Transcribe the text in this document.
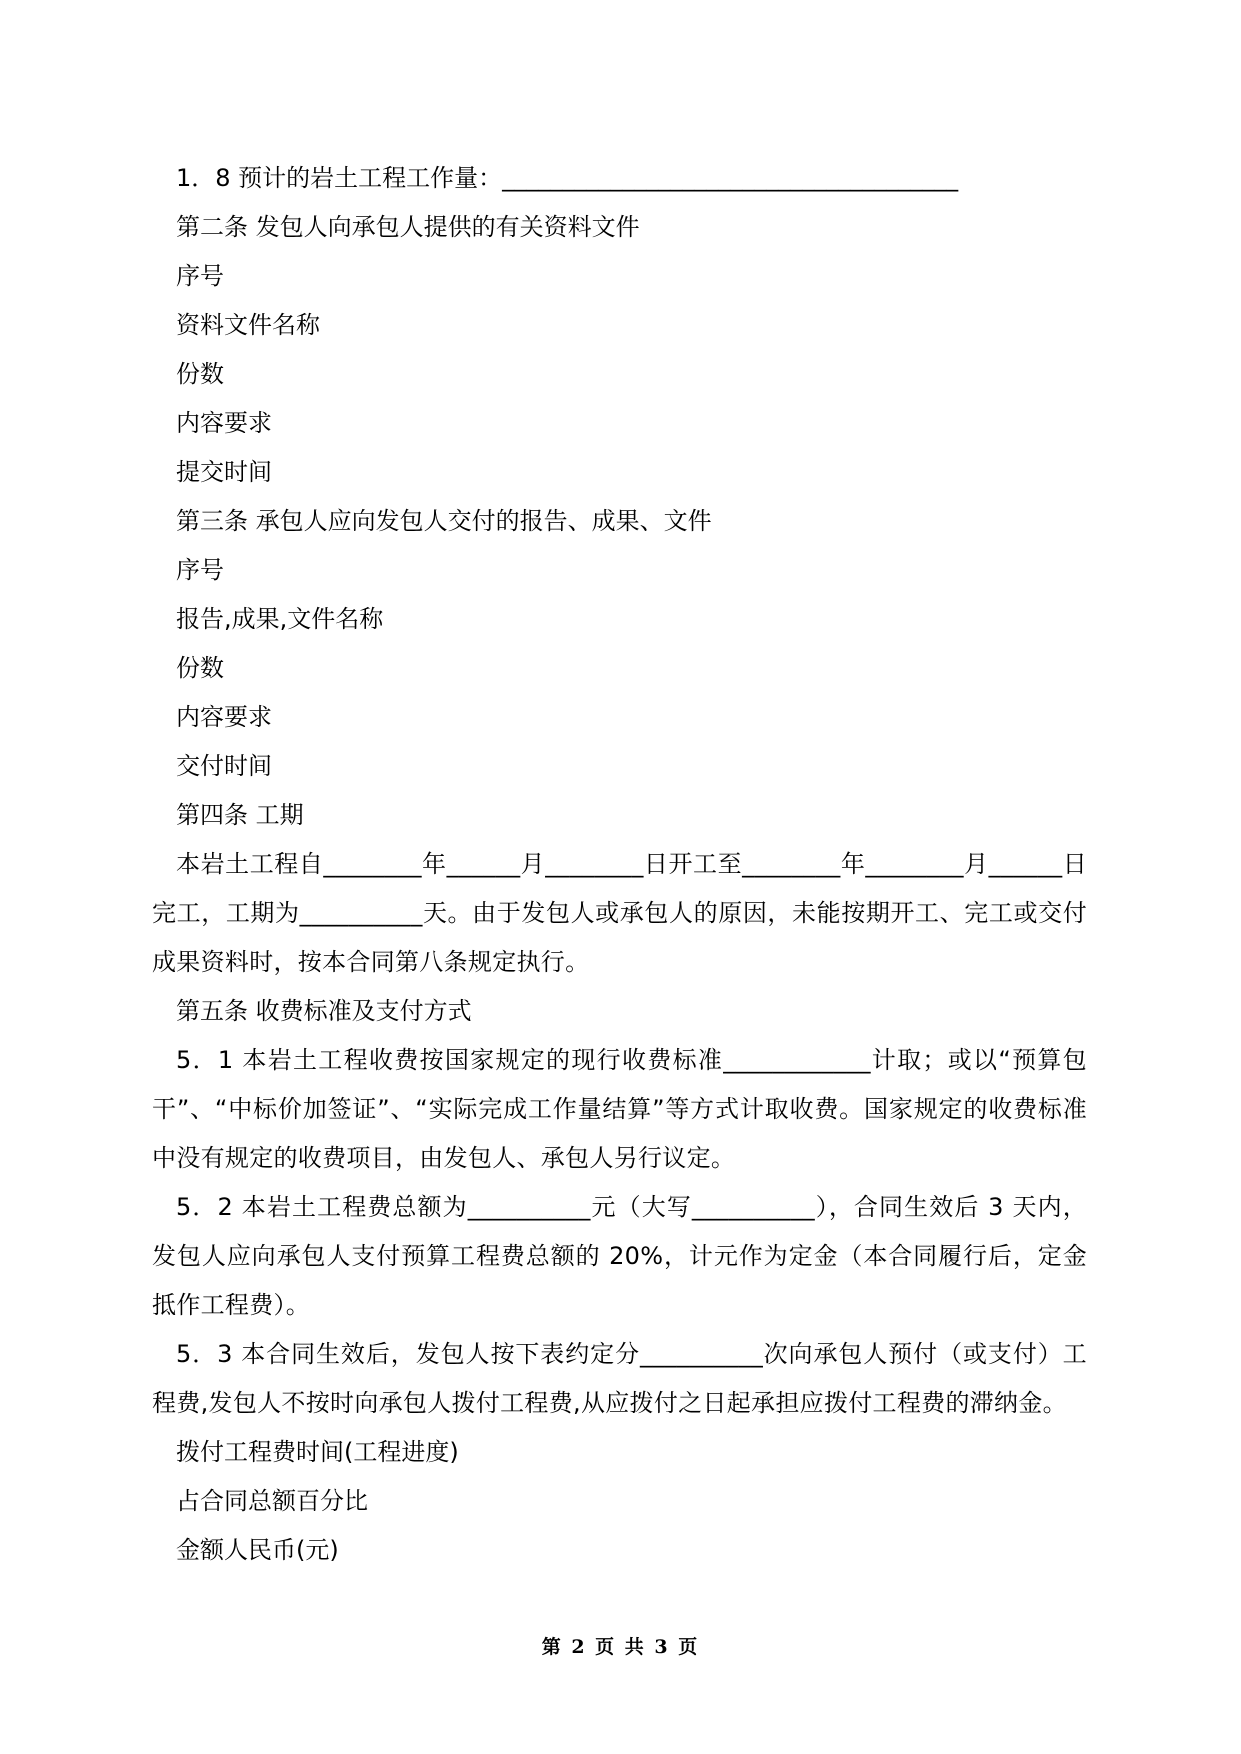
1．8 预计的岩土工程工作量：______________________________________
第二条 发包人向承包人提供的有关资料文件
序号
资料文件名称
份数
内容要求
提交时间
第三条 承包人应向发包人交付的报告、成果、文件
序号
报告,成果,文件名称
份数
内容要求
交付时间
第四条 工期
本岩土工程自________年______月________日开工至________年________月______日完工，工期为__________天。由于发包人或承包人的原因，未能按期开工、完工或交付成果资料时，按本合同第八条规定执行。
第五条 收费标准及支付方式
5．1 本岩土工程收费按国家规定的现行收费标准____________计取；或以“预算包干”、“中标价加签证”、“实际完成工作量结算”等方式计取收费。国家规定的收费标准中没有规定的收费项目，由发包人、承包人另行议定。
5．2 本岩土工程费总额为__________元（大写__________），合同生效后 3 天内，发包人应向承包人支付预算工程费总额的 20%，计元作为定金（本合同履行后，定金抵作工程费）。
5．3 本合同生效后，发包人按下表约定分__________次向承包人预付（或支付）工程费,发包人不按时向承包人拨付工程费,从应拨付之日起承担应拨付工程费的滞纳金。
拨付工程费时间(工程进度)
占合同总额百分比
金额人民币(元)
第 2 页 共 3 页
